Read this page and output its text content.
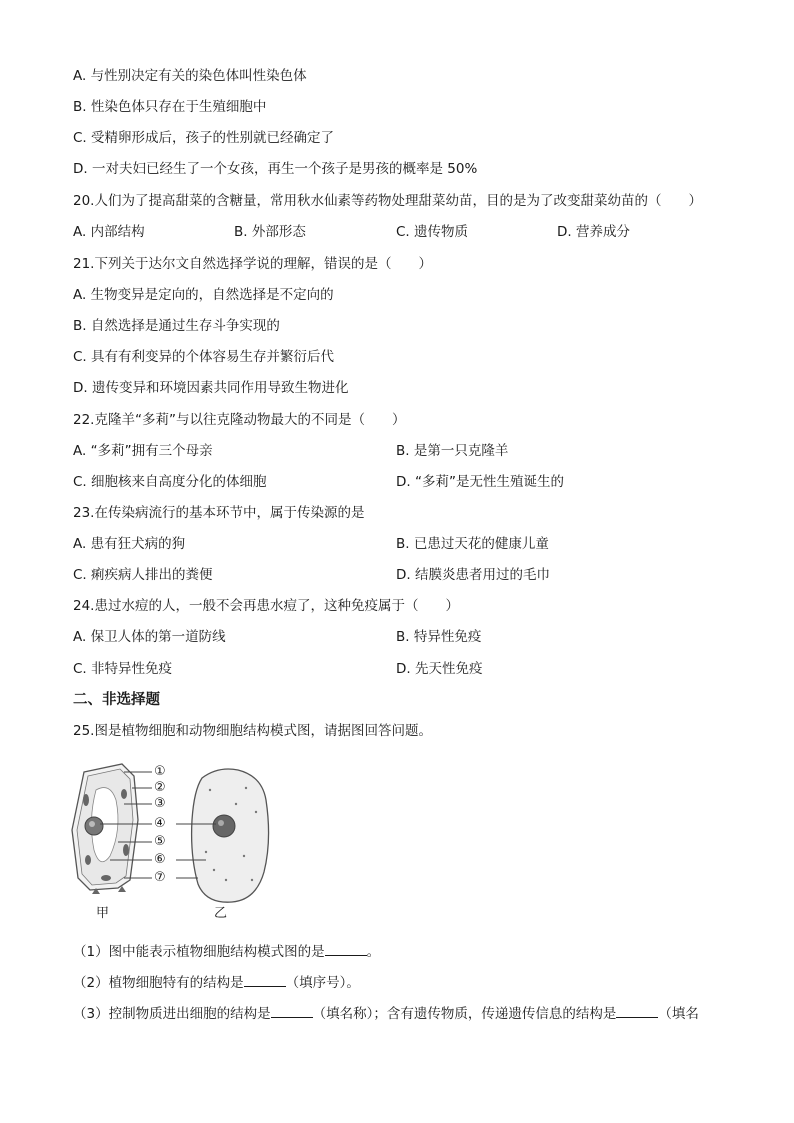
A. 与性别决定有关的染色体叫性染色体
B. 性染色体只存在于生殖细胞中
C. 受精卵形成后，孩子的性别就已经确定了
D. 一对夫妇已经生了一个女孩，再生一个孩子是男孩的概率是 50%
20.人们为了提高甜菜的含糖量，常用秋水仙素等药物处理甜菜幼苗，目的是为了改变甜菜幼苗的（　　）
A. 内部结构	B. 外部形态	C. 遗传物质	D. 营养成分
21.下列关于达尔文自然选择学说的理解，错误的是（　　）
A. 生物变异是定向的，自然选择是不定向的
B. 自然选择是通过生存斗争实现的
C. 具有有利变异的个体容易生存并繁衍后代
D. 遗传变异和环境因素共同作用导致生物进化
22.克隆羊“多莉”与以往克隆动物最大的不同是（　　）
A. “多莉”拥有三个母亲	B. 是第一只克隆羊
C. 细胞核来自高度分化的体细胞	D. “多莉”是无性生殖诞生的
23.在传染病流行的基本环节中，属于传染源的是
A. 患有狂犬病的狗	B. 已患过天花的健康儿童
C. 痢疾病人排出的粪便	D. 结膜炎患者用过的毛巾
24.患过水痘的人，一般不会再患水痘了，这种免疫属于（　　）
A. 保卫人体的第一道防线	B. 特异性免疫
C. 非特异性免疫	D. 先天性免疫
二、非选择题
25.图是植物细胞和动物细胞结构模式图，请据图回答问题。
①
②
③
④
⑤
⑥
⑦
甲	乙
（1）图中能表示植物细胞结构模式图的是	。
（2）植物细胞特有的结构是	（填序号）。
（3）控制物质进出细胞的结构是	（填名称）；含有遗传物质，传递遗传信息的结构是	（填名
